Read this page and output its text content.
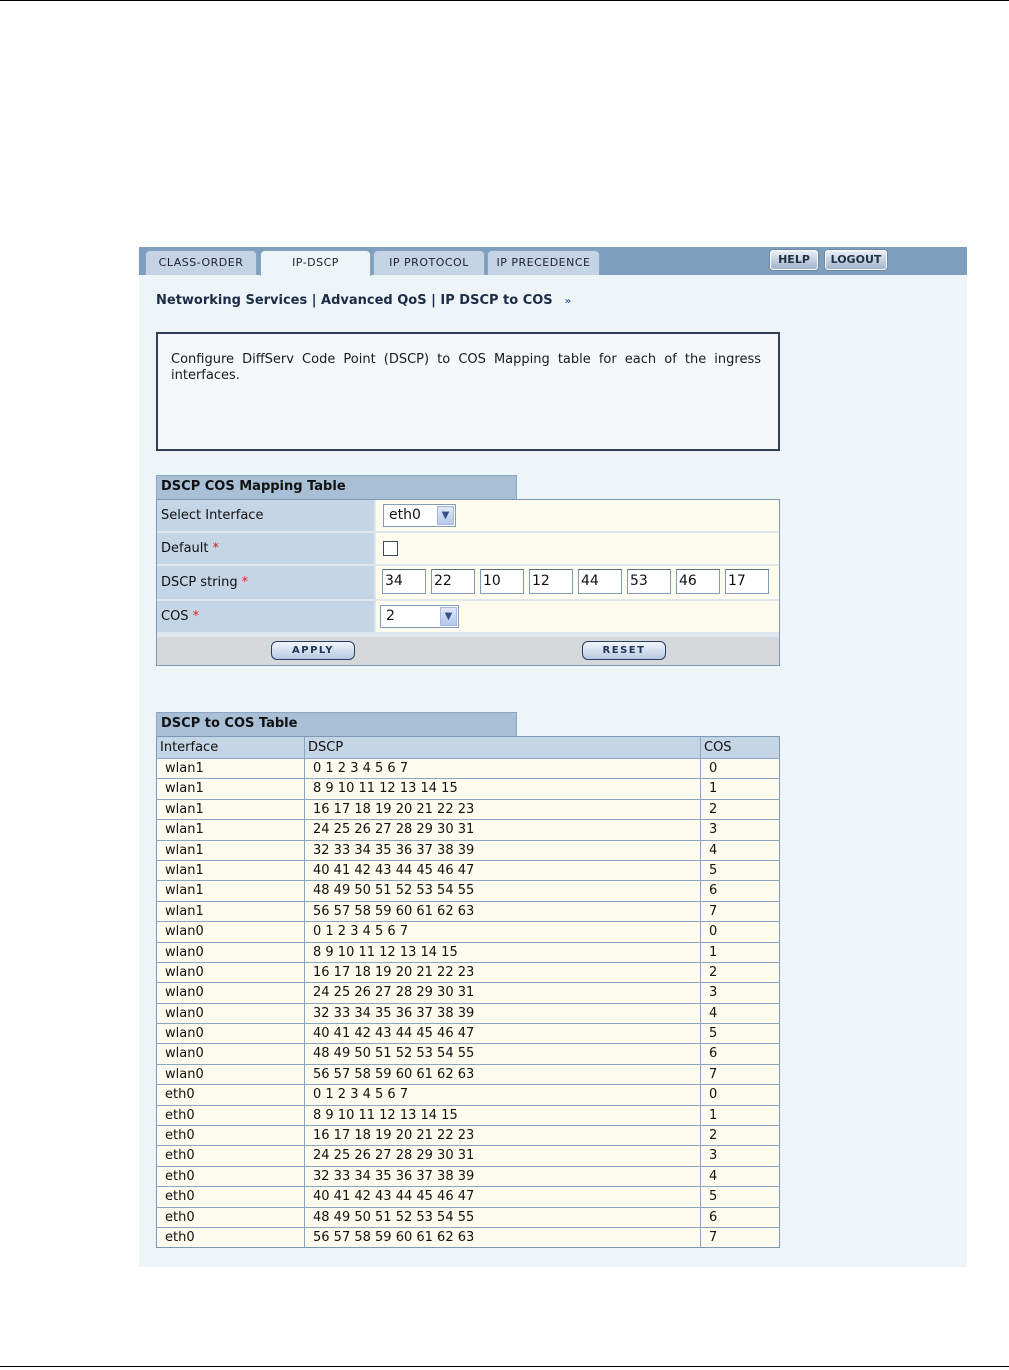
CLASS-ORDER	IP-DSCP	IP PROTOCOL	IP PRECEDENCE	HELP	LOGOUT
Networking Services | Advanced QoS | IP DSCP to COS »

Configure DiffServ Code Point (DSCP) to COS Mapping table for each of the ingress interfaces.

DSCP COS Mapping Table
Select Interface	eth0	▼
Default *
DSCP string *	34	22	10	12	44	53	46	17
COS *	2	▼
APPLY	RESET
DSCP to COS Table
Interface	DSCP	COS
wlan1	0 1 2 3 4 5 6 7	0
wlan1	8 9 10 11 12 13 14 15	1
wlan1	16 17 18 19 20 21 22 23	2
wlan1	24 25 26 27 28 29 30 31	3
wlan1	32 33 34 35 36 37 38 39	4
wlan1	40 41 42 43 44 45 46 47	5
wlan1	48 49 50 51 52 53 54 55	6
wlan1	56 57 58 59 60 61 62 63	7
wlan0	0 1 2 3 4 5 6 7	0
wlan0	8 9 10 11 12 13 14 15	1
wlan0	16 17 18 19 20 21 22 23	2
wlan0	24 25 26 27 28 29 30 31	3
wlan0	32 33 34 35 36 37 38 39	4
wlan0	40 41 42 43 44 45 46 47	5
wlan0	48 49 50 51 52 53 54 55	6
wlan0	56 57 58 59 60 61 62 63	7
eth0	0 1 2 3 4 5 6 7	0
eth0	8 9 10 11 12 13 14 15	1
eth0	16 17 18 19 20 21 22 23	2
eth0	24 25 26 27 28 29 30 31	3
eth0	32 33 34 35 36 37 38 39	4
eth0	40 41 42 43 44 45 46 47	5
eth0	48 49 50 51 52 53 54 55	6
eth0	56 57 58 59 60 61 62 63	7
